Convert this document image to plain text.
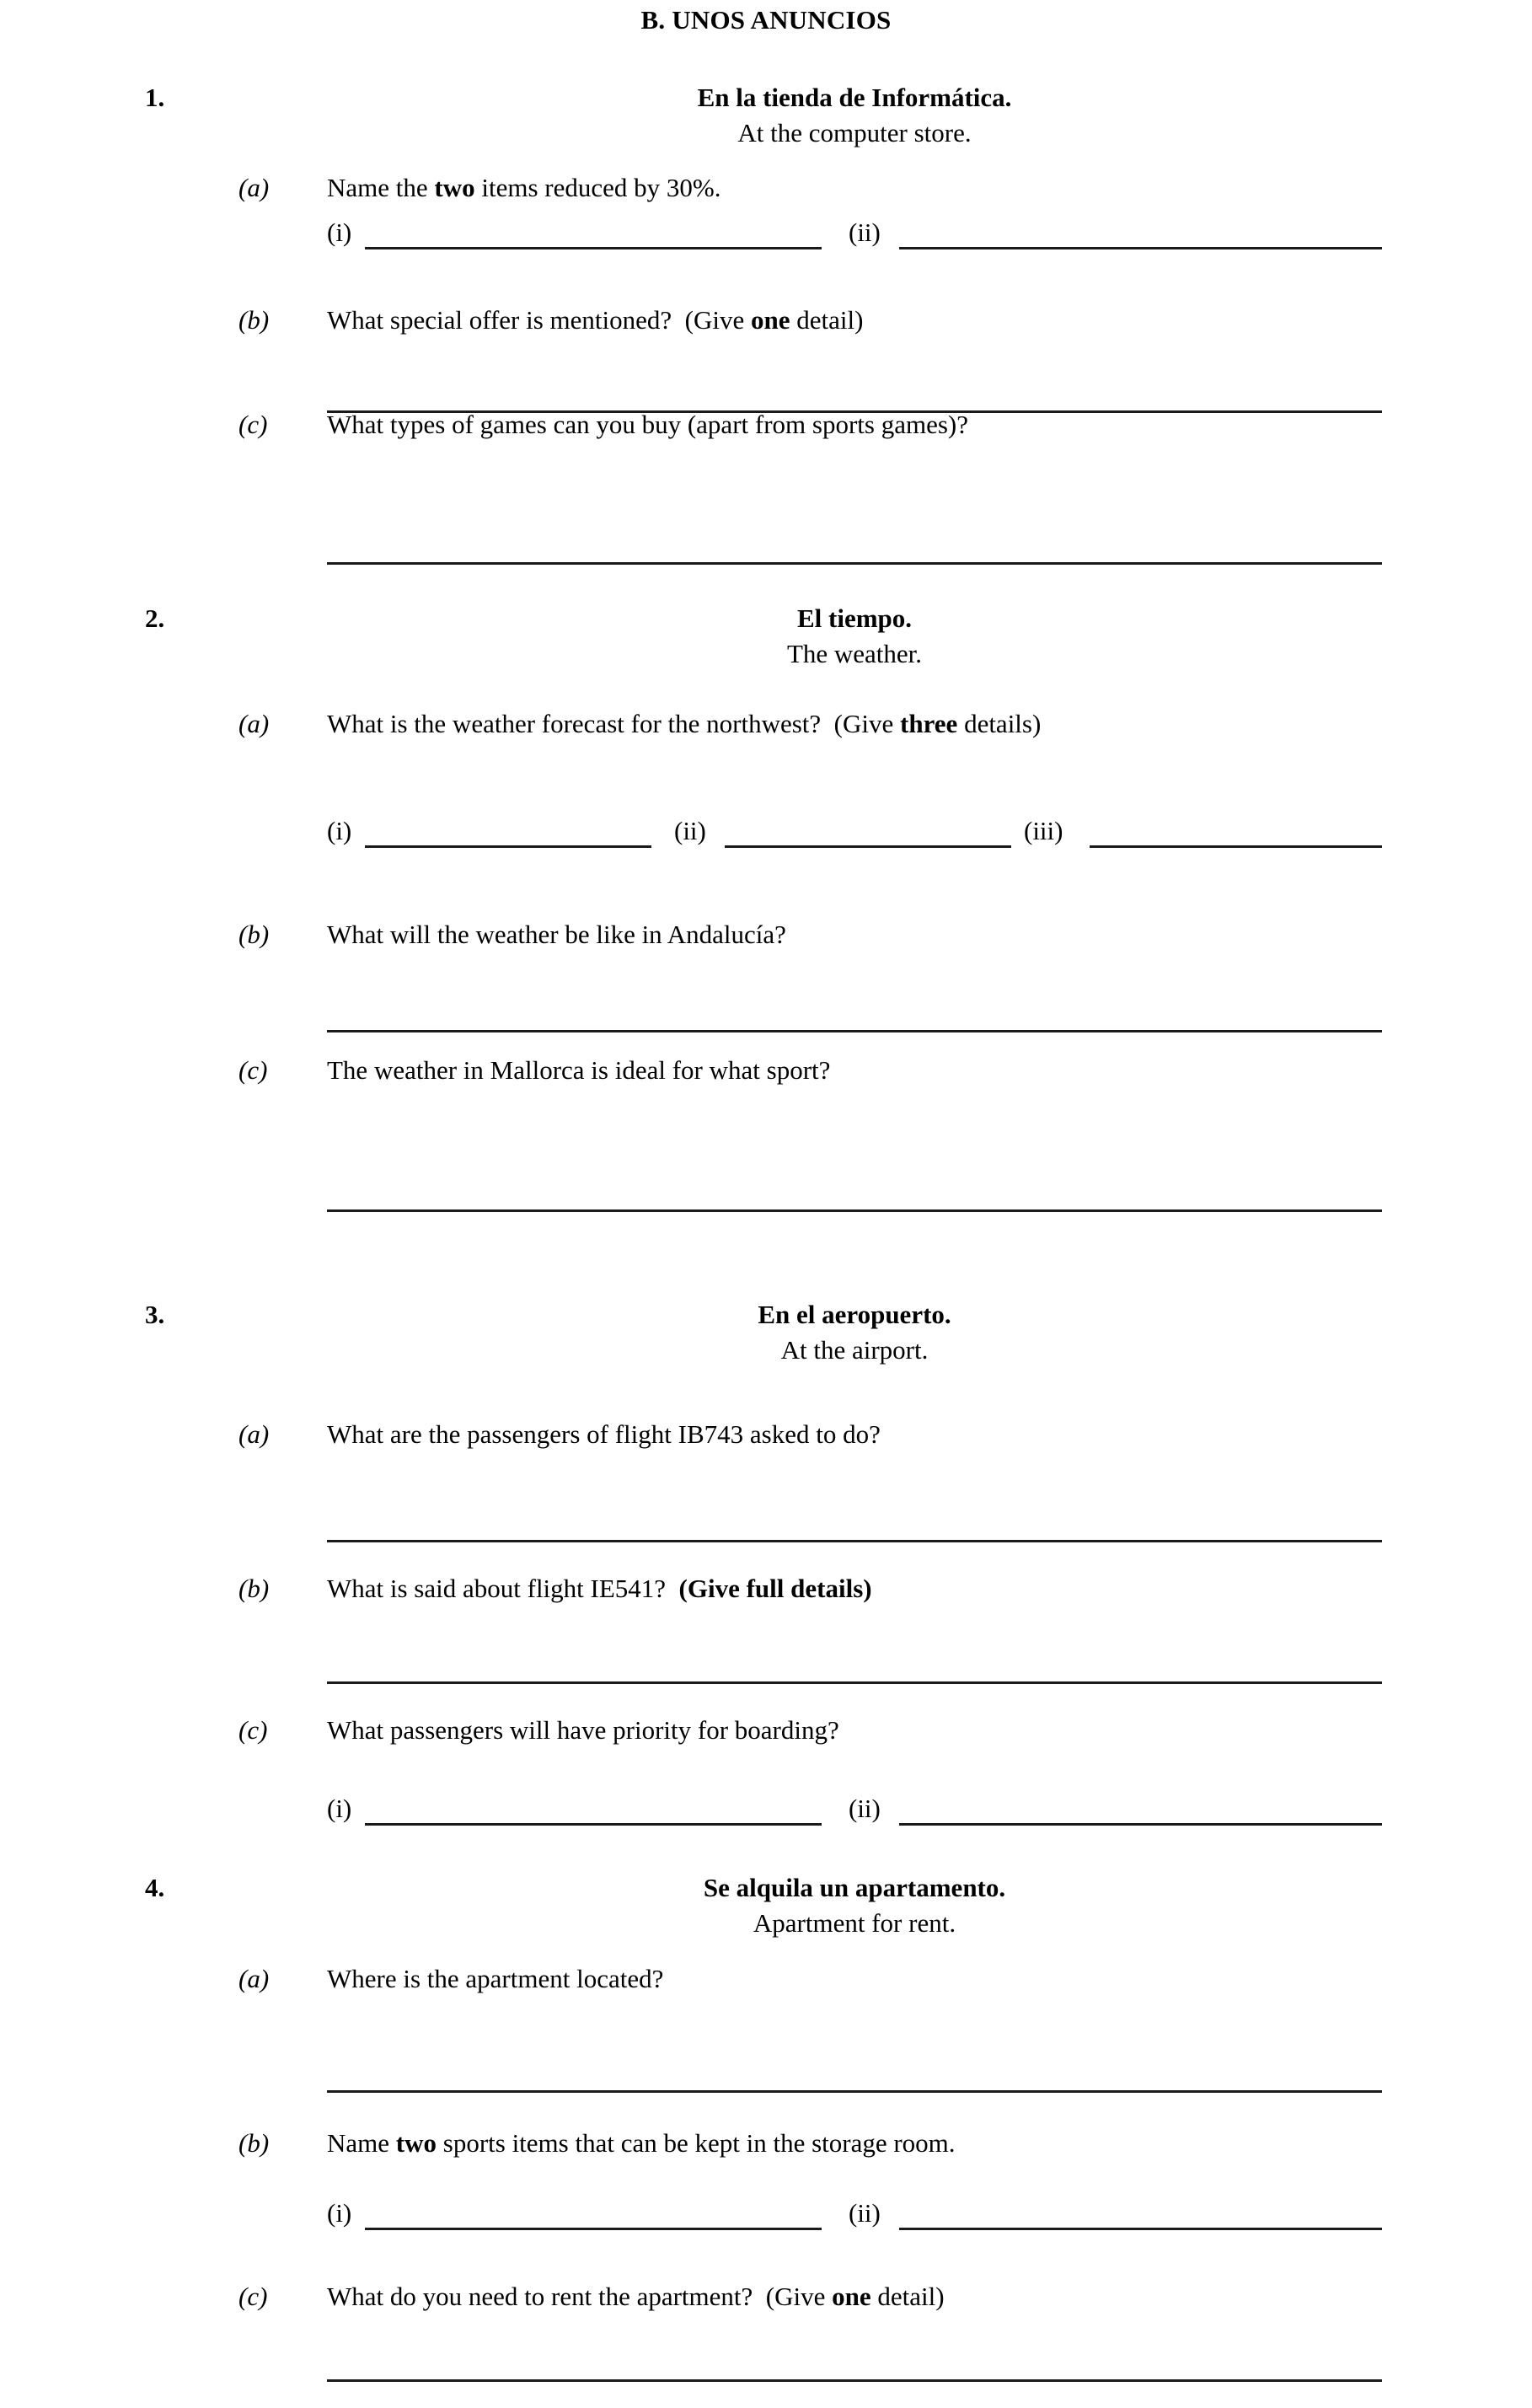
B. UNOS ANUNCIOS
1.	En la tienda de Informática.
At the computer store.
(a) Name the two items reduced by 30%.
(i)	(ii)
(b) What special offer is mentioned?  (Give one detail)
(c) What types of games can you buy (apart from sports games)?
2.	El tiempo.
The weather.
(a) What is the weather forecast for the northwest?  (Give three details)
(i)	(ii)	(iii)
(b) What will the weather be like in Andalucía?
(c) The weather in Mallorca is ideal for what sport?
3.	En el aeropuerto.
At the airport.
(a) What are the passengers of flight IB743 asked to do?
(b) What is said about flight IE541?  (Give full details)
(c) What passengers will have priority for boarding?
(i)	(ii)
4.	Se alquila un apartamento.
Apartment for rent.
(a) Where is the apartment located?
(b) Name two sports items that can be kept in the storage room.
(i)	(ii)
(c) What do you need to rent the apartment?  (Give one detail)
